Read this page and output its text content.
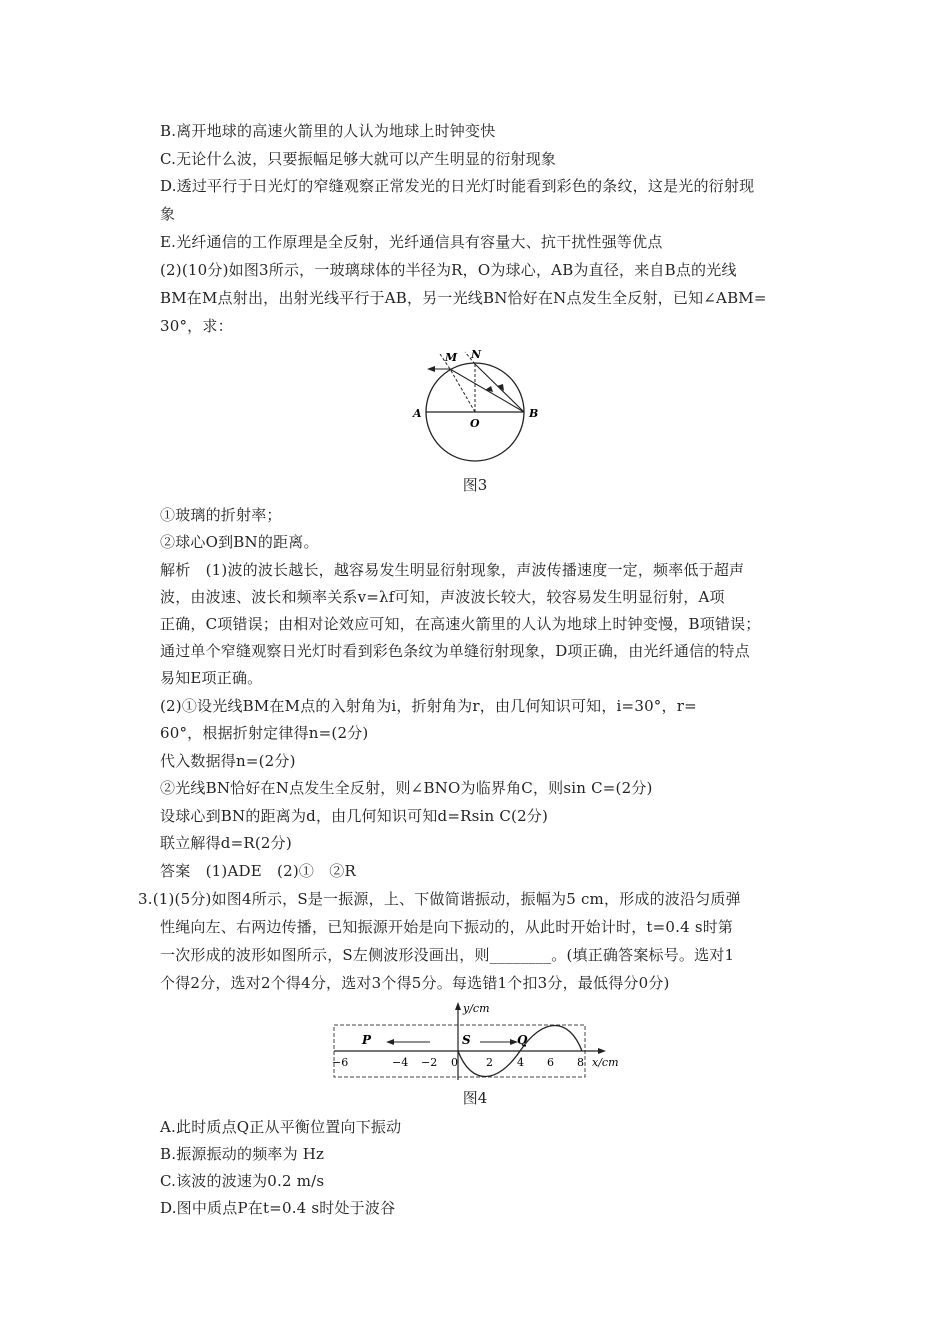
B.离开地球的高速火箭里的人认为地球上时钟变快
C.无论什么波，只要振幅足够大就可以产生明显的衍射现象
D.透过平行于日光灯的窄缝观察正常发光的日光灯时能看到彩色的条纹，这是光的衍射现
象
E.光纤通信的工作原理是全反射，光纤通信具有容量大、抗干扰性强等优点
(2)(10分)如图3所示，一玻璃球体的半径为R，O为球心，AB为直径，来自B点的光线
BM在M点射出，出射光线平行于AB，另一光线BN恰好在N点发生全反射，已知∠ABM=
30°，求：
A	B
O
M N
图3
①玻璃的折射率；
②球心O到BN的距离。
解析　(1)波的波长越长，越容易发生明显衍射现象，声波传播速度一定，频率低于超声
波，由波速、波长和频率关系v=λf可知，声波波长较大，较容易发生明显衍射，A项
正确，C项错误；由相对论效应可知，在高速火箭里的人认为地球上时钟变慢，B项错误；
通过单个窄缝观察日光灯时看到彩色条纹为单缝衍射现象，D项正确，由光纤通信的特点
易知E项正确。
(2)①设光线BM在M点的入射角为i，折射角为r，由几何知识可知，i=30°，r=
60°，根据折射定律得n=(2分)
代入数据得n=(2分)
②光线BN恰好在N点发生全反射，则∠BNO为临界角C，则sin C=(2分)
设球心到BN的距离为d，由几何知识可知d=Rsin C(2分)
联立解得d=R(2分)
答案　(1)ADE　(2)①　②R
3.(1)(5分)如图4所示，S是一振源，上、下做简谐振动，振幅为5 cm，形成的波沿匀质弹
性绳向左、右两边传播，已知振源开始是向下振动的，从此时开始计时，t=0.4 s时第
一次形成的波形如图所示，S左侧波形没画出，则________。(填正确答案标号。选对1
个得2分，选对2个得4分，选对3个得5分。每选错1个扣3分，最低得分0分)
−6	−4 −2 0	2 4 6 8
y/cm
x/cm
P	S	Q
图4
A.此时质点Q正从平衡位置向下振动
B.振源振动的频率为 Hz
C.该波的波速为0.2 m/s
D.图中质点P在t=0.4 s时处于波谷
